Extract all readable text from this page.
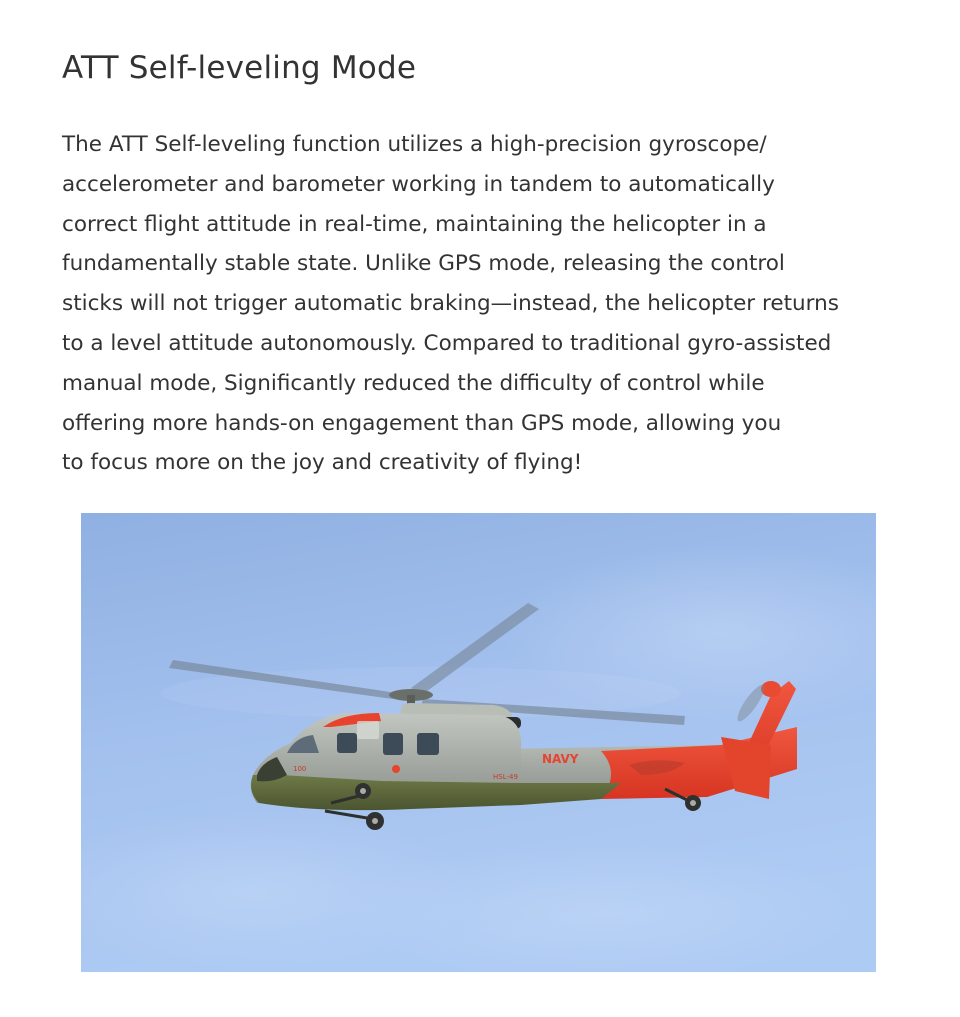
ATT Self-leveling Mode

The ATT Self-leveling function utilizes a high-precision gyroscope/
accelerometer and barometer working in tandem to automatically
correct flight attitude in real-time, maintaining the helicopter in a
fundamentally stable state. Unlike GPS mode, releasing the control
sticks will not trigger automatic braking—instead, the helicopter returns
to a level attitude autonomously. Compared to traditional gyro-assisted
manual mode, Significantly reduced the difficulty of control while
offering more hands-on engagement than GPS mode, allowing you
to focus more on the joy and creativity of flying!

NAVY
HSL-49
100
